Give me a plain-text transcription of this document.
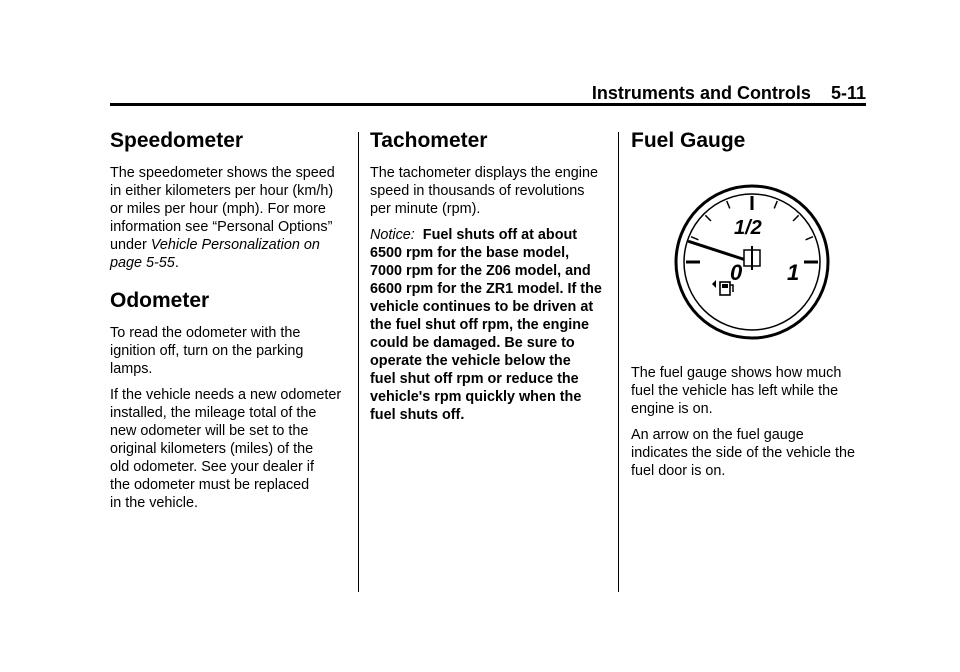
Instruments and Controls 5-11
Speedometer

The speedometer shows the speed
in either kilometers per hour (km/h)
or miles per hour (mph). For more
information see “Personal Options”
under Vehicle Personalization on
page 5-55.

Odometer

To read the odometer with the
ignition off, turn on the parking
lamps.

If the vehicle needs a new odometer
installed, the mileage total of the
new odometer will be set to the
original kilometers (miles) of the
old odometer. See your dealer if
the odometer must be replaced
in the vehicle.

Tachometer

The tachometer displays the engine
speed in thousands of revolutions
per minute (rpm).

Notice: Fuel shuts off at about
6500 rpm for the base model,
7000 rpm for the Z06 model, and
6600 rpm for the ZR1 model. If the
vehicle continues to be driven at
the fuel shut off rpm, the engine
could be damaged. Be sure to
operate the vehicle below the
fuel shut off rpm or reduce the
vehicle's rpm quickly when the
fuel shuts off.

Fuel Gauge
0
1/2
1

The fuel gauge shows how much
fuel the vehicle has left while the
engine is on.

An arrow on the fuel gauge
indicates the side of the vehicle the
fuel door is on.
